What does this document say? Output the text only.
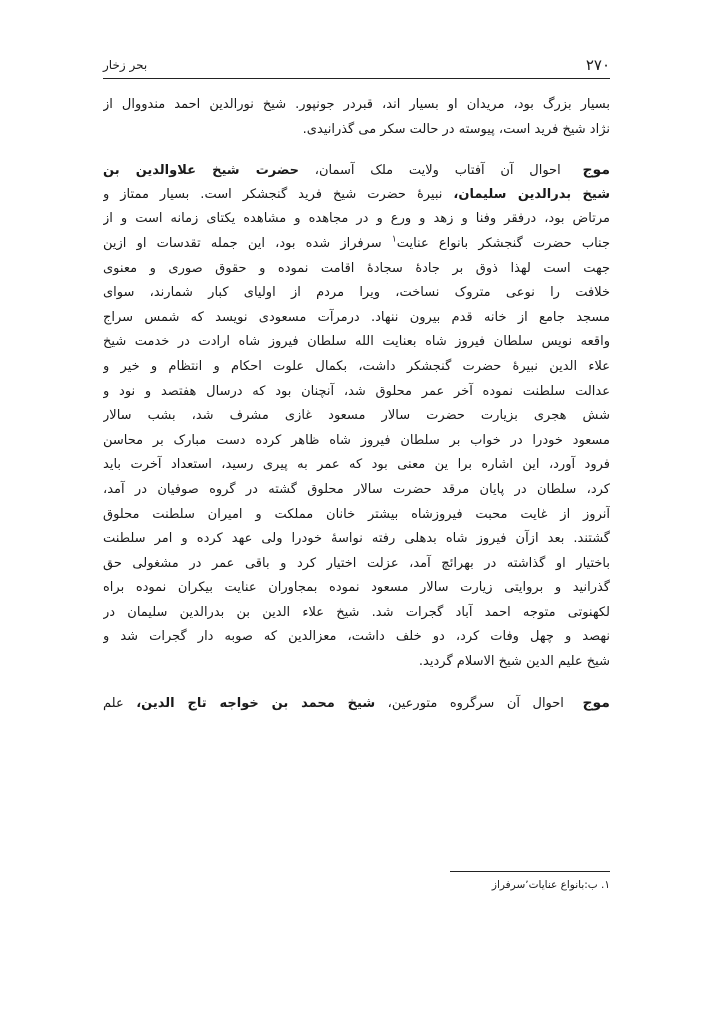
۲۷۰
بحر زخار
بسیار بزرگ بود، مریدان او بسیار اند، قبردر جونپور. شیخ نورالدین احمد مندووال از
نژاد شیخ فرید است، پیوسته در حالت سکر می گذرانیدی.
موج احوال آن آفتاب ولایت ملک آسمان، حضرت شیخ علاوالدین بن
شیخ بدرالدین سلیمان، نبیرهٔ حضرت شیخ فرید گنجشکر است. بسیار ممتاز و
مرتاض بود، درفقر وفنا و زهد و ورع و در مجاهده و مشاهده یکتای زمانه است و از
جناب حضرت گنجشکر بانواع عنایت$^۱$ سرفراز شده بود، این جمله تقدسات او ازین
جهت است لهذا ذوق بر جادهٔ سجادهٔ اقامت نموده و حقوق صوری و معنوی
خلافت را نوعی متروک نساخت، ویرا مردم از اولیای کبار شمارند، سوای
مسجد جامع از خانه قدم بیرون ننهاد. درمرآت مسعودی نویسد که شمس سراج
واقعه نویس سلطان فیروز شاه بعنایت الله سلطان فیروز شاه ارادت در خدمت شیخ
علاء الدین نبیرهٔ حضرت گنجشکر داشت، بکمال علوت احکام و انتظام و خیر و
عدالت سلطنت نموده آخر عمر محلوق شد، آنچنان بود که درسال هفتصد و نود و
شش هجری بزیارت حضرت سالار مسعود غازی مشرف شد، بشب سالار
مسعود خودرا در خواب بر سلطان فیروز شاه ظاهر کرده دست مبارک بر محاسن
فرود آورد، این اشاره برا ین معنی بود که عمر به پیری رسید، استعداد آخرت باید
کرد، سلطان در پایان مرقد حضرت سالار محلوق گشته در گروه صوفیان در آمد،
آنروز از غایت محبت فیروزشاه بیشتر خانان مملکت و امیران سلطنت محلوق
گشتند. بعد ازآن فیروز شاه بدهلی رفته نواسهٔ خودرا ولی عهد کرده و امر سلطنت
باختیار او گذاشته در بهرائچ آمد، عزلت اختیار کرد و باقی عمر در مشغولی حق
گذرانید و بروایتی زیارت سالار مسعود نموده بمجاوران عنایت بیکران نموده براه
لکهنوتی متوجه احمد آباد گجرات شد. شیخ علاء الدین بن بدرالدین سلیمان در
نهصد و چهل وفات کرد، دو خلف داشت، معزالدین که صوبه دار گجرات شد و
شیخ علیم الدین شیخ الاسلام گردید.
موج احوال آن سرگروه متورعین، شیخ محمد بن خواجه تاج الدین، علم
۱. ب:بانواع عنایات٬سرفراز
